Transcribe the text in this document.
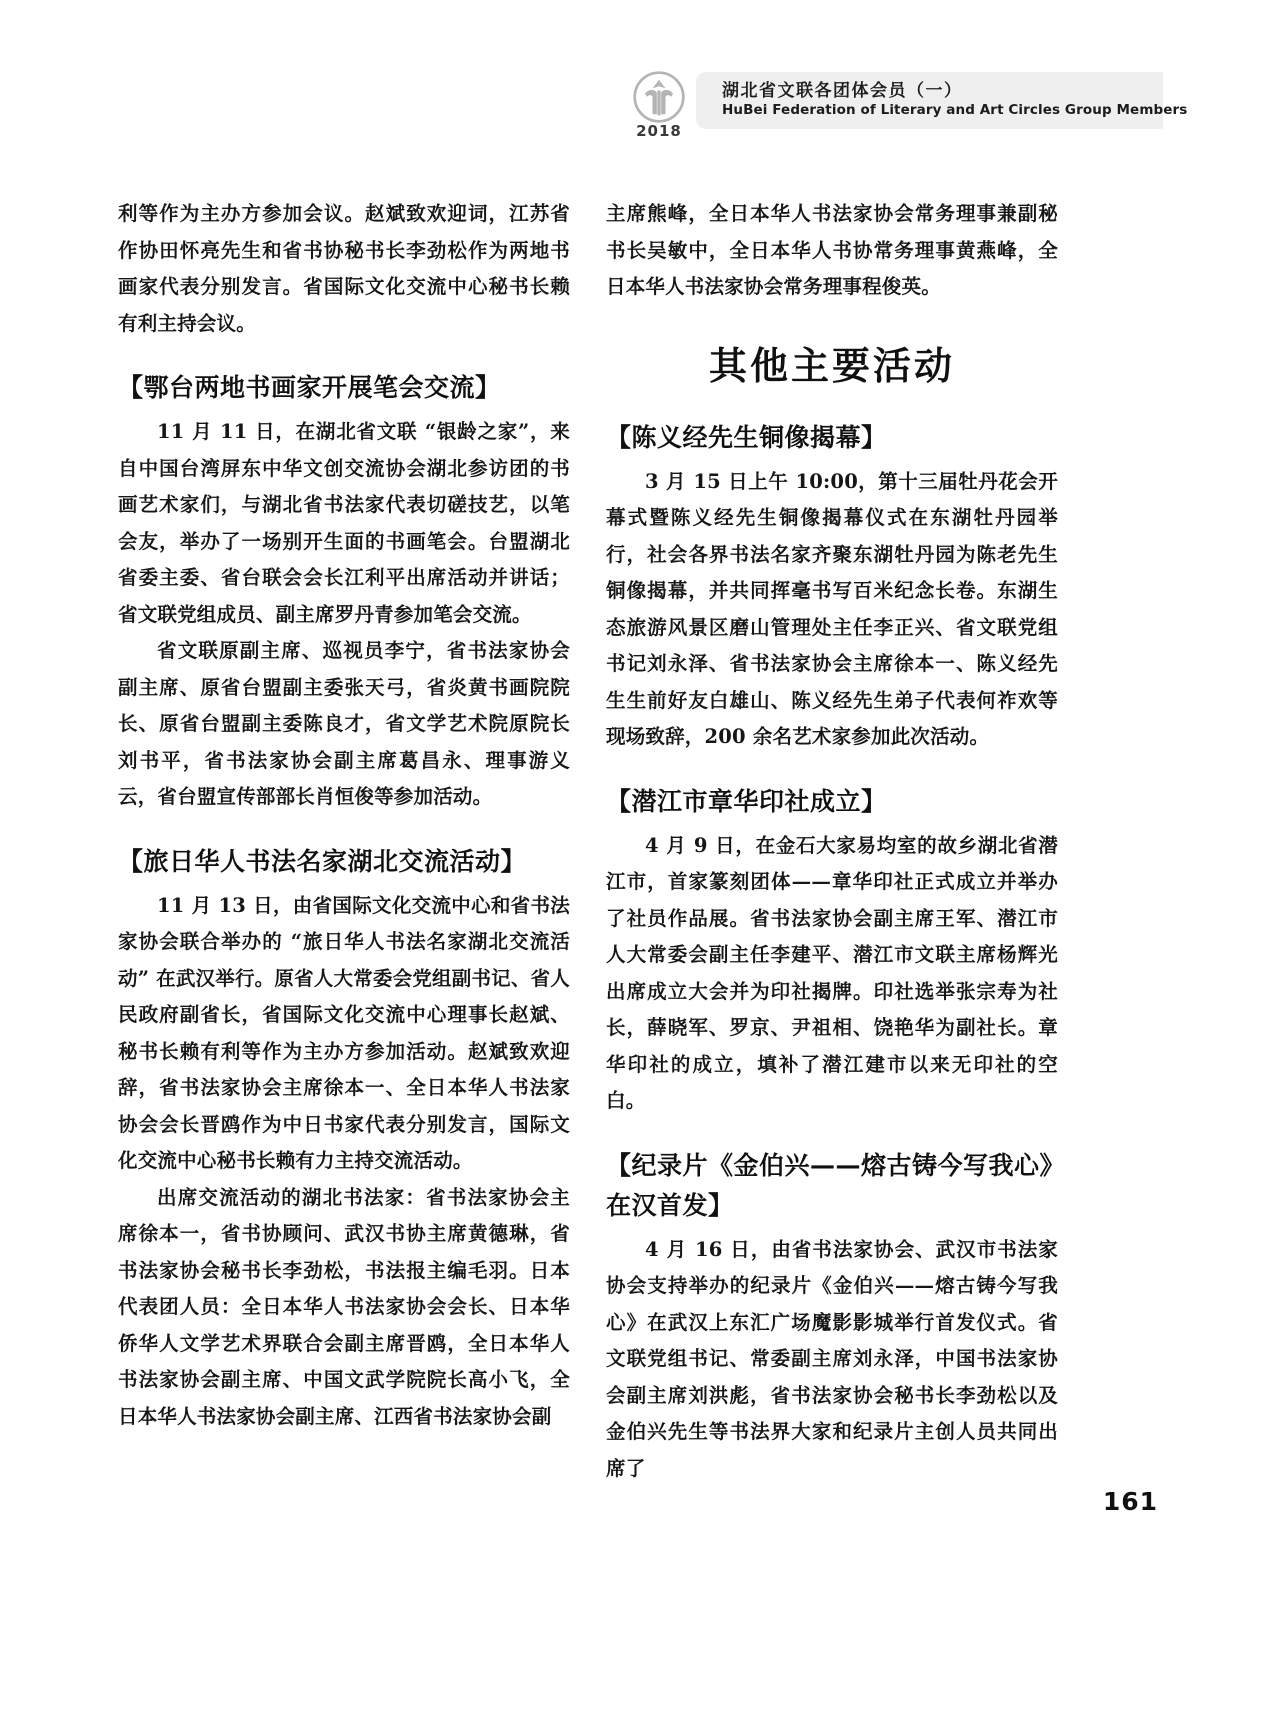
2018
湖北省文联各团体会员（一）
HuBei Federation of Literary and Art Circles Group Members

利等作为主办方参加会议。赵斌致欢迎词，江苏省作协田怀亮先生和省书协秘书长李劲松作为两地书画家代表分别发言。省国际文化交流中心秘书长赖有利主持会议。

【鄂台两地书画家开展笔会交流】

11 月 11 日，在湖北省文联 “银龄之家”，来自中国台湾屏东中华文创交流协会湖北参访团的书画艺术家们，与湖北省书法家代表切磋技艺，以笔会友，举办了一场别开生面的书画笔会。台盟湖北省委主委、省台联会会长江利平出席活动并讲话；省文联党组成员、副主席罗丹青参加笔会交流。

省文联原副主席、巡视员李宁，省书法家协会副主席、原省台盟副主委张天弓，省炎黄书画院院长、原省台盟副主委陈良才，省文学艺术院原院长刘书平，省书法家协会副主席葛昌永、理事游义云，省台盟宣传部部长肖恒俊等参加活动。

【旅日华人书法名家湖北交流活动】

11 月 13 日，由省国际文化交流中心和省书法家协会联合举办的 “旅日华人书法名家湖北交流活动” 在武汉举行。原省人大常委会党组副书记、省人民政府副省长，省国际文化交流中心理事长赵斌、秘书长赖有利等作为主办方参加活动。赵斌致欢迎辞，省书法家协会主席徐本一、全日本华人书法家协会会长晋鸥作为中日书家代表分别发言，国际文化交流中心秘书长赖有力主持交流活动。

出席交流活动的湖北书法家：省书法家协会主席徐本一，省书协顾问、武汉书协主席黄德琳，省书法家协会秘书长李劲松，书法报主编毛羽。日本代表团人员：全日本华人书法家协会会长、日本华侨华人文学艺术界联合会副主席晋鸥，全日本华人书法家协会副主席、中国文武学院院长高小飞，全日本华人书法家协会副主席、江西省书法家协会副

主席熊峰，全日本华人书法家协会常务理事兼副秘书长吴敏中，全日本华人书协常务理事黄燕峰，全日本华人书法家协会常务理事程俊英。

其他主要活动
【陈义经先生铜像揭幕】

3 月 15 日上午 10:00，第十三届牡丹花会开幕式暨陈义经先生铜像揭幕仪式在东湖牡丹园举行，社会各界书法名家齐聚东湖牡丹园为陈老先生铜像揭幕，并共同挥毫书写百米纪念长卷。东湖生态旅游风景区磨山管理处主任李正兴、省文联党组书记刘永泽、省书法家协会主席徐本一、陈义经先生生前好友白雄山、陈义经先生弟子代表何祚欢等现场致辞，200 余名艺术家参加此次活动。

【潜江市章华印社成立】

4 月 9 日，在金石大家易均室的故乡湖北省潜江市，首家篆刻团体——章华印社正式成立并举办了社员作品展。省书法家协会副主席王军、潜江市人大常委会副主任李建平、潜江市文联主席杨辉光出席成立大会并为印社揭牌。印社选举张宗寿为社长，薛晓军、罗京、尹祖相、饶艳华为副社长。章华印社的成立，填补了潜江建市以来无印社的空白。

【纪录片《金伯兴——熔古铸今写我心》在汉首发】

4 月 16 日，由省书法家协会、武汉市书法家协会支持举办的纪录片《金伯兴——熔古铸今写我心》在武汉上东汇广场魔影影城举行首发仪式。省文联党组书记、常委副主席刘永泽，中国书法家协会副主席刘洪彪，省书法家协会秘书长李劲松以及金伯兴先生等书法界大家和纪录片主创人员共同出席了

161
